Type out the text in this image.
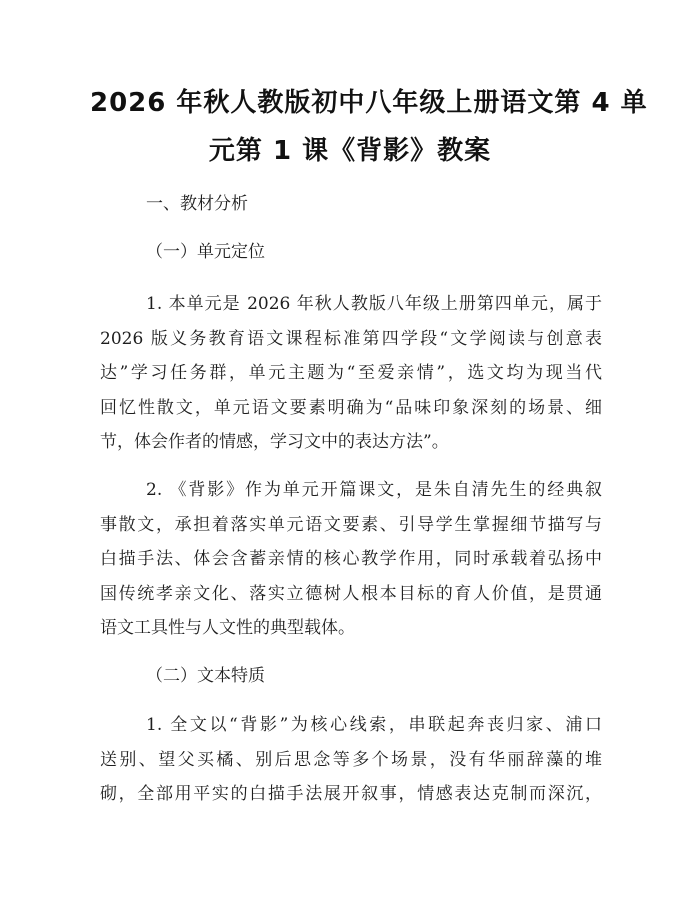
2026 年秋人教版初中八年级上册语文第 4 单
元第 1 课《背影》教案
一、教材分析
（一）单元定位
1. 本单元是 2026 年秋人教版八年级上册第四单元，属于
2026 版义务教育语文课程标准第四学段“文学阅读与创意表
达”学习任务群，单元主题为“至爱亲情”，选文均为现当代
回忆性散文，单元语文要素明确为“品味印象深刻的场景、细
节，体会作者的情感，学习文中的表达方法”。
2. 《背影》作为单元开篇课文，是朱自清先生的经典叙
事散文，承担着落实单元语文要素、引导学生掌握细节描写与
白描手法、体会含蓄亲情的核心教学作用，同时承载着弘扬中
国传统孝亲文化、落实立德树人根本目标的育人价值，是贯通
语文工具性与人文性的典型载体。
（二）文本特质
1. 全文以“背影”为核心线索，串联起奔丧归家、浦口
送别、望父买橘、别后思念等多个场景，没有华丽辞藻的堆
砌，全部用平实的白描手法展开叙事，情感表达克制而深沉，
